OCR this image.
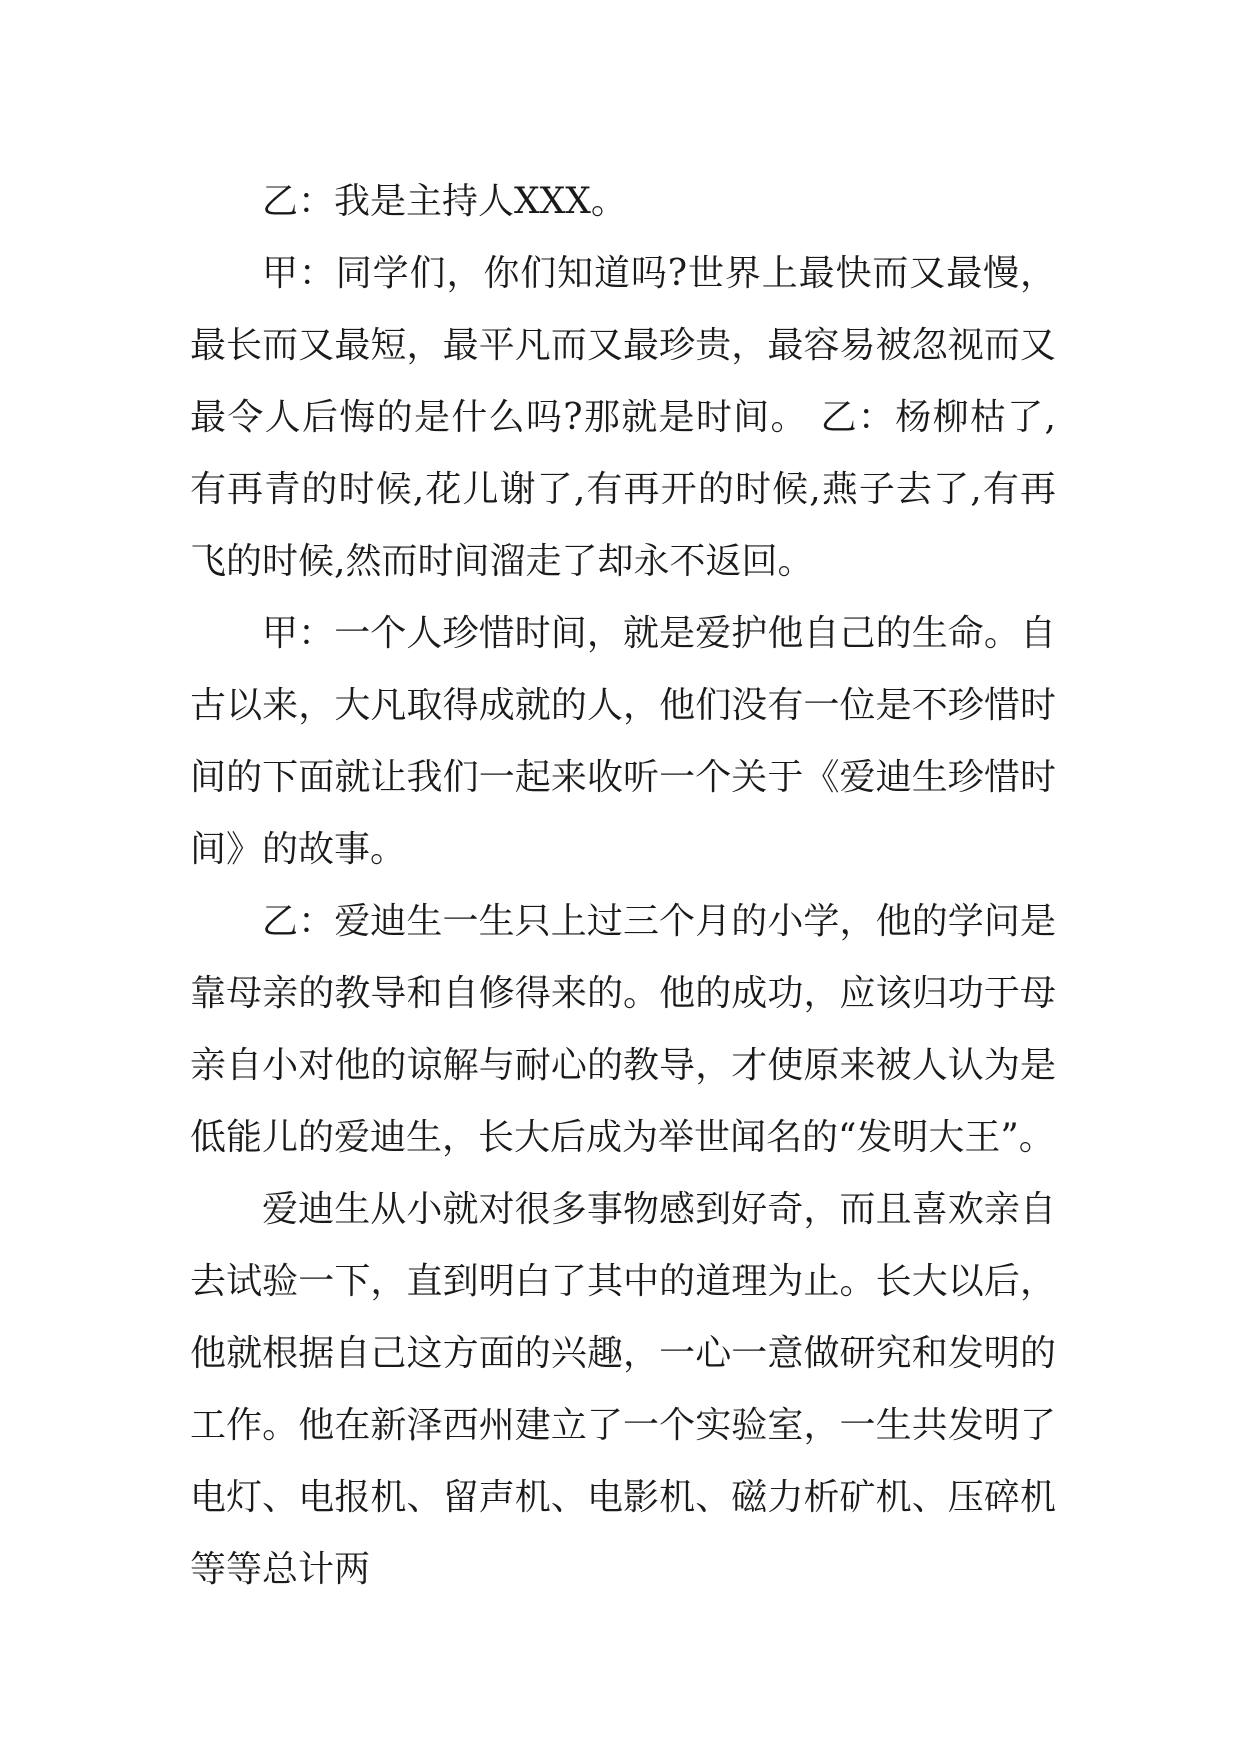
乙：我是主持人XXX。

甲：同学们，你们知道吗?世界上最快而又最慢，最长而又最短，最平凡而又最珍贵，最容易被忽视而又最令人后悔的是什么吗?那就是时间。 乙：杨柳枯了,有再青的时候,花儿谢了,有再开的时候,燕子去了,有再飞的时候,然而时间溜走了却永不返回。

甲：一个人珍惜时间，就是爱护他自己的生命。自古以来，大凡取得成就的人，他们没有一位是不珍惜时间的下面就让我们一起来收听一个关于《爱迪生珍惜时间》的故事。

乙：爱迪生一生只上过三个月的小学，他的学问是靠母亲的教导和自修得来的。他的成功，应该归功于母亲自小对他的谅解与耐心的教导，才使原来被人认为是低能儿的爱迪生，长大后成为举世闻名的“发明大王”。

爱迪生从小就对很多事物感到好奇，而且喜欢亲自去试验一下，直到明白了其中的道理为止。长大以后，他就根据自己这方面的兴趣，一心一意做研究和发明的工作。他在新泽西州建立了一个实验室，一生共发明了电灯、电报机、留声机、电影机、磁力析矿机、压碎机等等总计两
